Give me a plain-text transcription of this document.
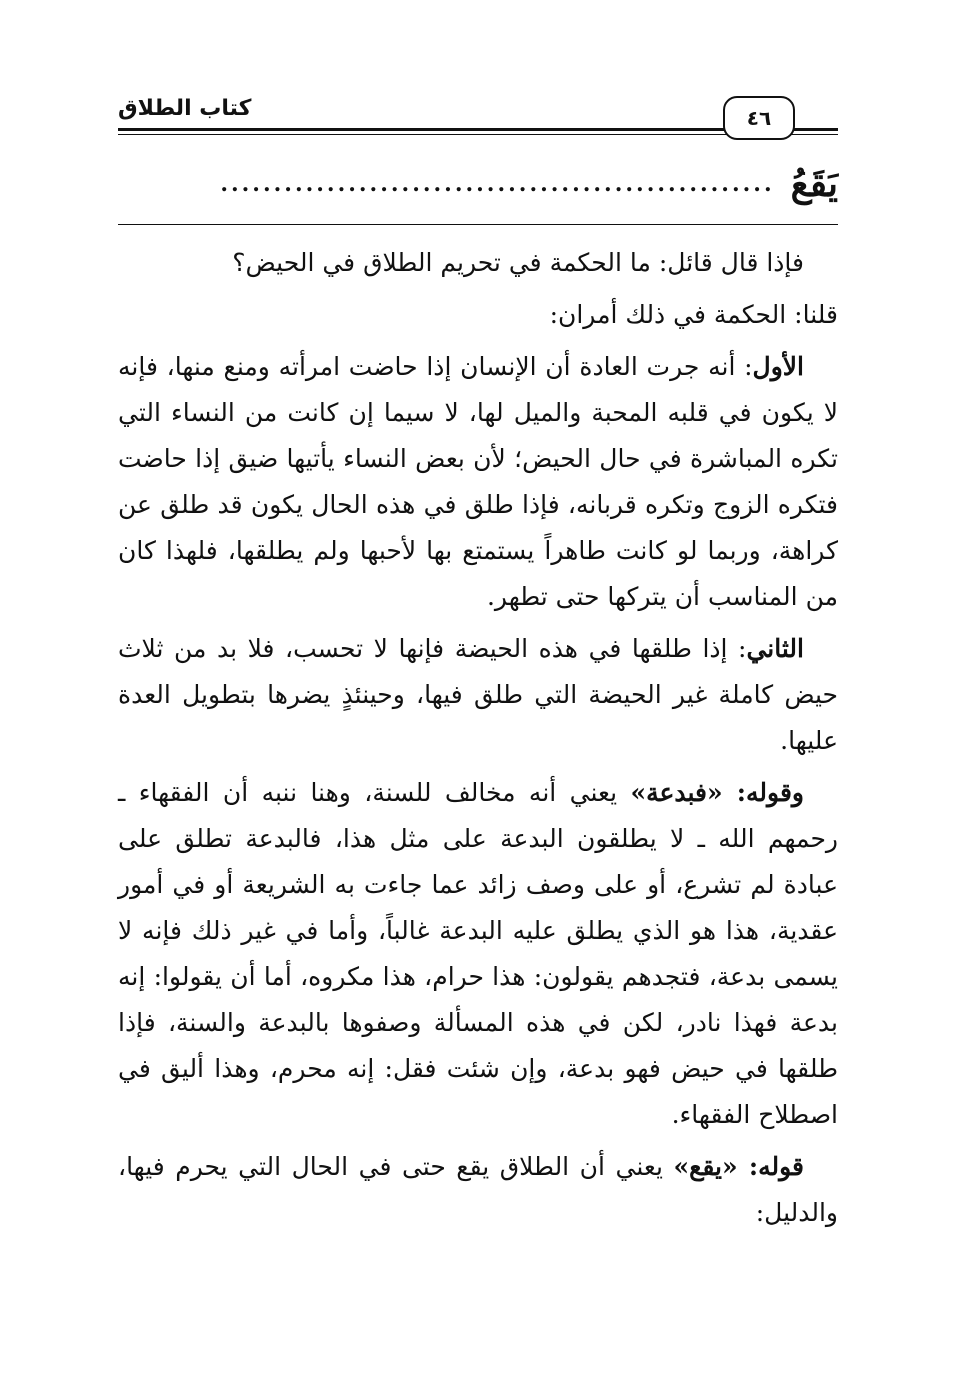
كتاب الطلاق	٤٦
يَقَعُ
....................................................

فإذا قال قائل: ما الحكمة في تحريم الطلاق في الحيض؟

قلنا: الحكمة في ذلك أمران:

الأول: أنه جرت العادة أن الإنسان إذا حاضت امرأته ومنع منها، فإنه لا يكون في قلبه المحبة والميل لها، لا سيما إن كانت من النساء التي تكره المباشرة في حال الحيض؛ لأن بعض النساء يأتيها ضيق إذا حاضت فتكره الزوج وتكره قربانه، فإذا طلق في هذه الحال يكون قد طلق عن كراهة، وربما لو كانت طاهراً يستمتع بها لأحبها ولم يطلقها، فلهذا كان من المناسب أن يتركها حتى تطهر.

الثاني: إذا طلقها في هذه الحيضة فإنها لا تحسب، فلا بد من ثلاث حيض كاملة غير الحيضة التي طلق فيها، وحينئذٍ يضرها بتطويل العدة عليها.

وقوله: «فبدعة» يعني أنه مخالف للسنة، وهنا ننبه أن الفقهاء ـ رحمهم الله ـ لا يطلقون البدعة على مثل هذا، فالبدعة تطلق على عبادة لم تشرع، أو على وصف زائد عما جاءت به الشريعة أو في أمور عقدية، هذا هو الذي يطلق عليه البدعة غالباً، وأما في غير ذلك فإنه لا يسمى بدعة، فتجدهم يقولون: هذا حرام، هذا مكروه، أما أن يقولوا: إنه بدعة فهذا نادر، لكن في هذه المسألة وصفوها بالبدعة والسنة، فإذا طلقها في حيض فهو بدعة، وإن شئت فقل: إنه محرم، وهذا أليق في اصطلاح الفقهاء.

قوله: «يقع» يعني أن الطلاق يقع حتى في الحال التي يحرم فيها، والدليل:
